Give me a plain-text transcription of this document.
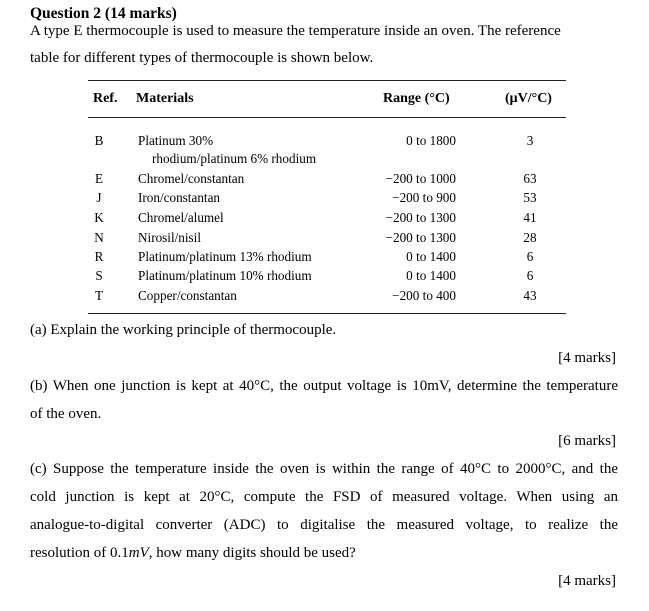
Question 2 (14 marks)
A type E thermocouple is used to measure the temperature inside an oven. The reference
table for different types of thermocouple is shown below.
Ref. Materials	Range (°C)	(μV/°C)
B	Platinum 30%
rhodium/platinum 6% rhodium
0 to 1800	3
E	Chromel/constantan	−200 to 1000	63
J	Iron/constantan	−200 to 900	53
K	Chromel/alumel	−200 to 1300	41
N	Nirosil/nisil	−200 to 1300	28
R	Platinum/platinum 13% rhodium	0 to 1400	6
S	Platinum/platinum 10% rhodium	0 to 1400	6
T	Copper/constantan	−200 to 400	43
(a) Explain the working principle of thermocouple.
[4 marks]
(b) When one junction is kept at 40°C, the output voltage is 10mV, determine the temperature
of the oven.
[6 marks]
(c) Suppose the temperature inside the oven is within the range of 40°C to 2000°C, and the
cold junction is kept at 20°C, compute the FSD of measured voltage. When using an
analogue-to-digital converter (ADC) to digitalise the measured voltage, to realize the
resolution of 0.1mV, how many digits should be used?
[4 marks]
